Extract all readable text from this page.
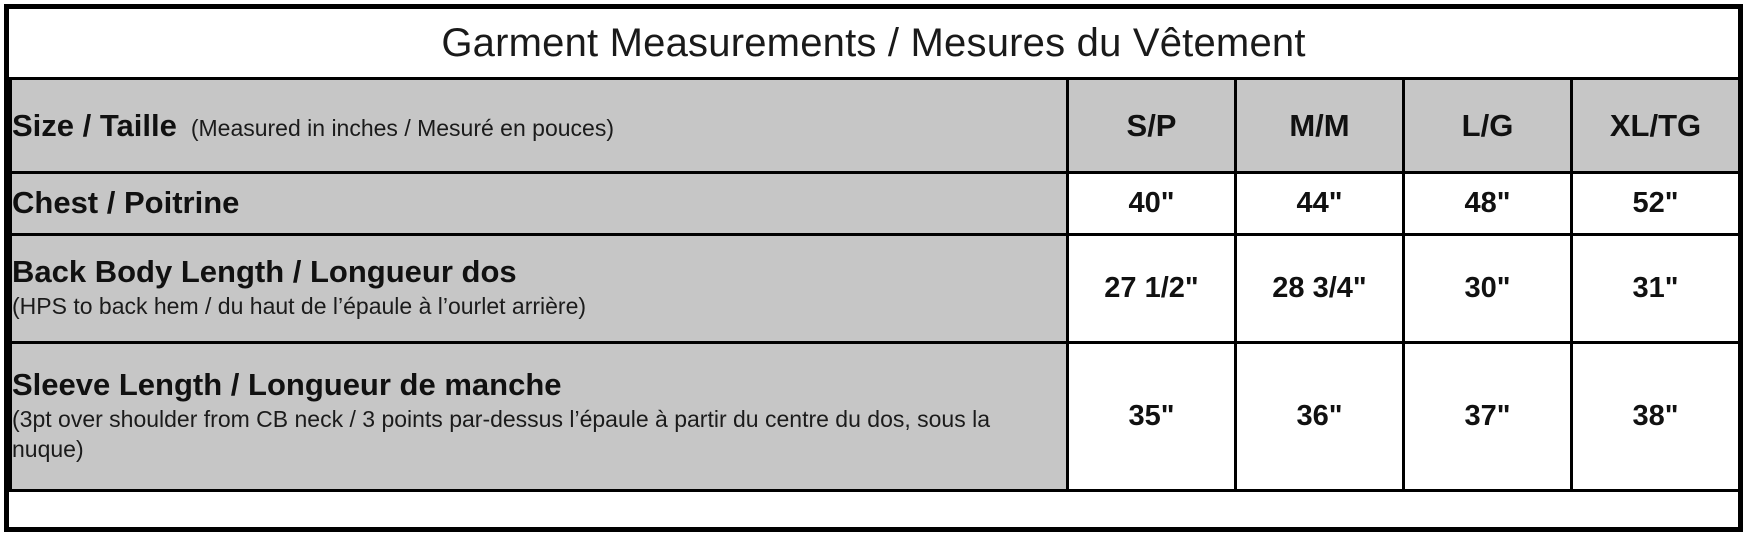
Garment Measurements / Mesures du Vêtement
Size / Taille (Measured in inches / Mesuré en pouces)	S/P	M/M	L/G	XL/TG

Chest / Poitrine	40"	44"	48"	52"

Back Body Length / Longueur dos
(HPS to back hem / du haut de l’épaule à l’ourlet arrière)	27 1/2"	28 3/4"	30"	31"

Sleeve Length / Longueur de manche
(3pt over shoulder from CB neck / 3 points par-dessus l’épaule à partir du centre du dos, sous la nuque)	35"	36"	37"	38"
